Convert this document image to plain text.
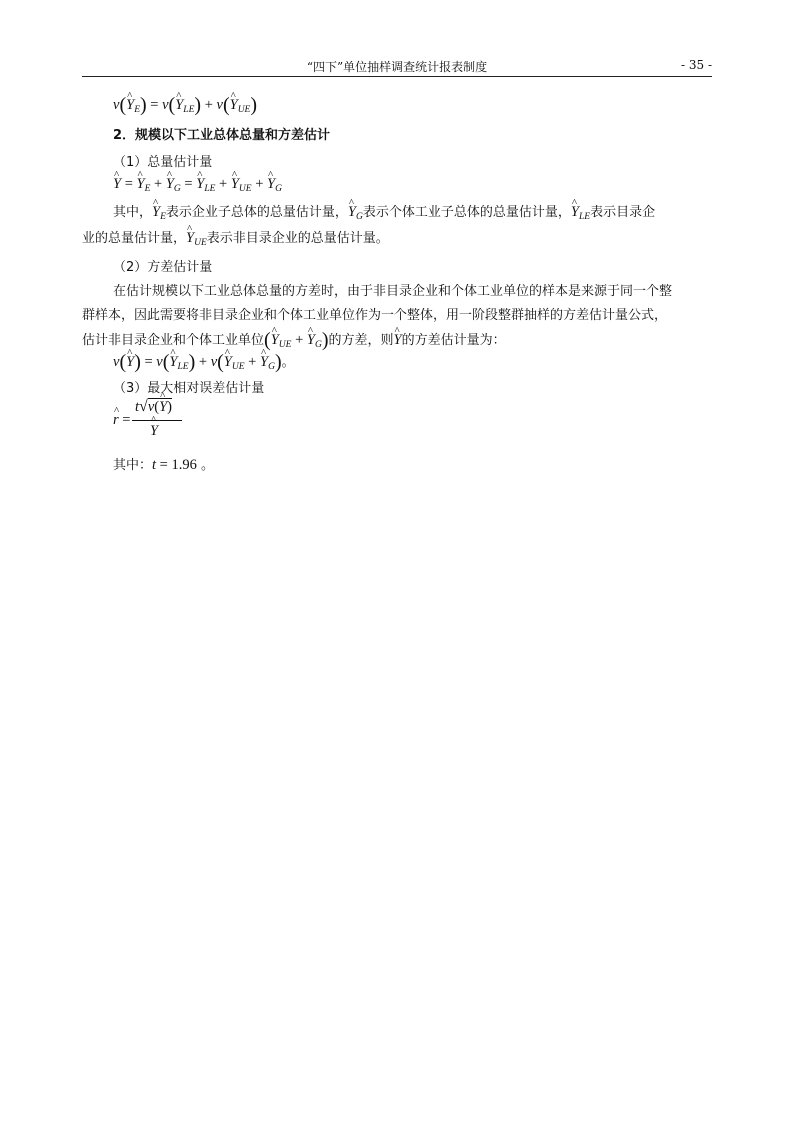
“四下”单位抽样调查统计报表制度	- 35 -
v(^ $Y_E$) = v(^ $Y_{LE}$) + v(^ $Y_{UE}$)
2．规模以下工业总体总量和方差估计
（1）总量估计量
^ Y = ^ $Y_E$ + ^ $Y_G$ = ^ $Y_{LE}$ + ^ $Y_{UE}$ + ^ $Y_G$
其中，^ $Y_E$表示企业子总体的总量估计量，^ $Y_G$表示个体工业子总体的总量估计量，^ $Y_{LE}$表示目录企
业的总量估计量，^ $Y_{UE}$表示非目录企业的总量估计量。
（2）方差估计量
在估计规模以下工业总体总量的方差时，由于非目录企业和个体工业单位的样本是来源于同一个整
群样本，因此需要将非目录企业和个体工业单位作为一个整体，用一阶段整群抽样的方差估计量公式，
估计非目录企业和个体工业单位(^ $Y_{UE}$ + ^ $Y_G$)的方差，则^ Y的方差估计量为：
v(^ Y) = v(^ $Y_{LE}$) + v(^ $Y_{UE}$ + ^ $Y_G$)。
（3）最大相对误差估计量
^ r =
t√v(^ Y)
^ Y
其中：t = 1.96 。
